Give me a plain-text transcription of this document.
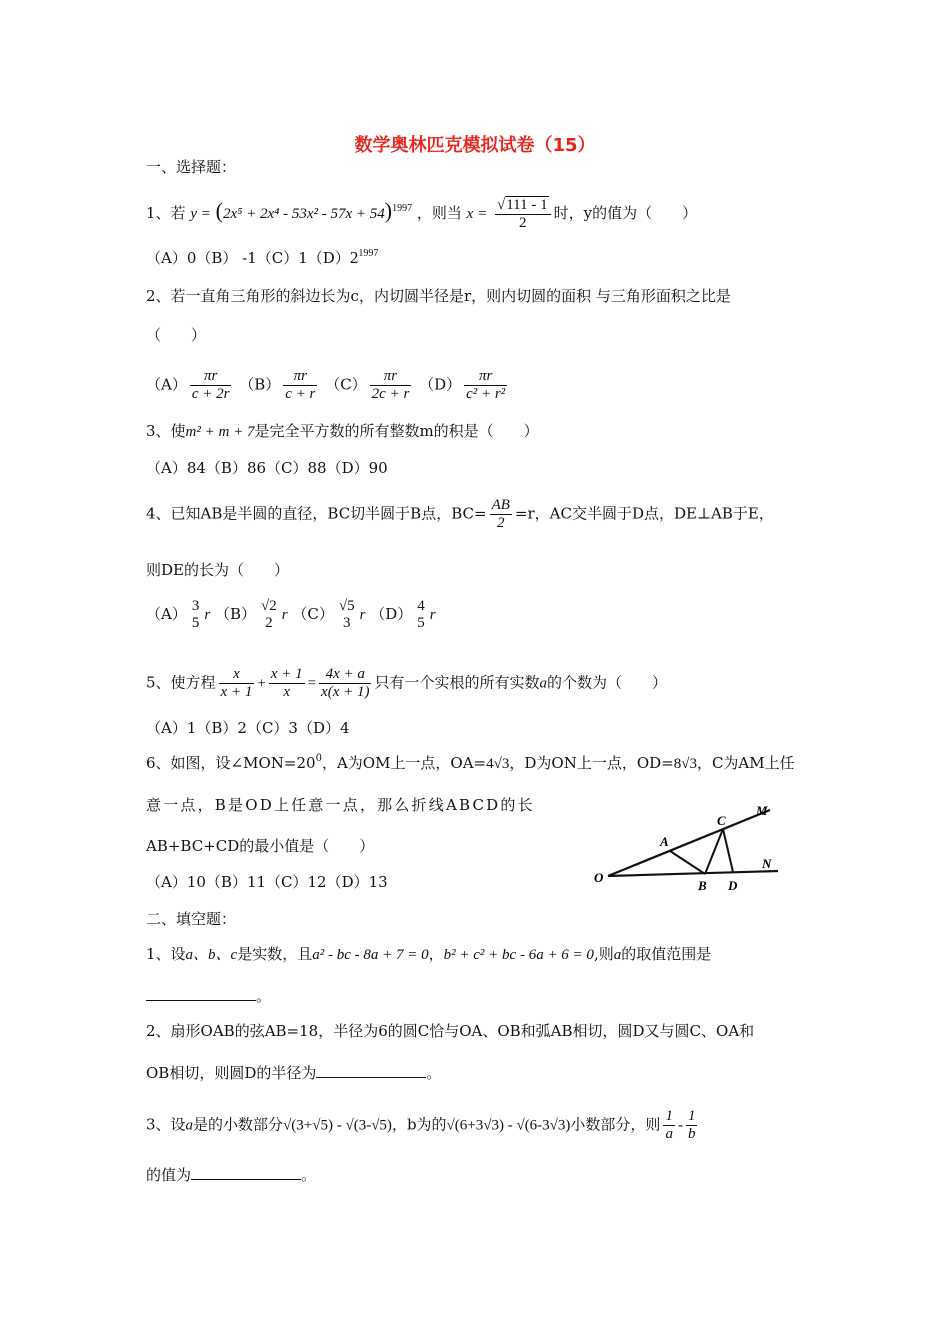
数学奥林匹克模拟试卷（15）
一、选择题：
1、若 $y = (2x^5 + 2x^4 - 53x^2 - 57x + 54)^{1997}$ ，则当 $x = \frac{√111 - 1}{2}$ 时，y的值为（　　）
（A）0（B） $-1(C)1(D)2^{1997}$
2、若一直角三角形的斜边长为c，内切圆半径是r，则内切圆的面积 与三角形面积之比是
（　　）
$(A) \frac{\pi r}{c + 2r} (B) \frac{\pi r}{c + r} (C) \frac{\pi r}{2c + r} (D) \frac{\pi r}{\text{c² + r²}}$
3、使m² + m + 7是完全平方数的所有整数m的积是（　　）
（A）84（B）86（C）88（D）90
4、已知AB是半圆的直径，BC切半圆于B点，$BC= \frac{AB}{2} =r$，AC交半圆于D点，DE⊥AB于E，
则DE的长为（　　）
（A） 3
5 r （B） √2
2 r （C） √5
3 r （D） 4
5 r
5、使方程 $\frac{x}{x + 1} + \frac{x + 1}{x} = \frac{4x + a}{x(x + 1)}$ 只有一个实根的所有实数a的个数为（　　）
（A）1（B）2（C）3（D）4
6、如图，设$\angle MON=20^0$，A为OM上一点，OA=4√3，D为ON上一点，OD=8√3，C为AM上任
意一点，B是OD上任意一点，那么折线ABCD的长
AB+BC+CD的最小值是（　　）
（A）10（B）11（C）12（D）13	O
A
C
M
B D
N
二、填空题：
1、设a、b、c是实数，且a² - bc - 8a + 7 = 0，b² + c² + bc - 6a + 6 = 0,则a的取值范围是
。
2、扇形OAB的弦AB=18，半径为6的圆C恰与OA、OB和弧AB相切，圆D又与圆C、OA和
OB相切，则圆D的半径为	。
3、设a是的小数部分√(3+√5) - √(3-√5)，b为的√(6+3√3) - √(6-3√3)小数部分，则 $\frac{1}{a} - \frac{1}{b}$
的值为	。
